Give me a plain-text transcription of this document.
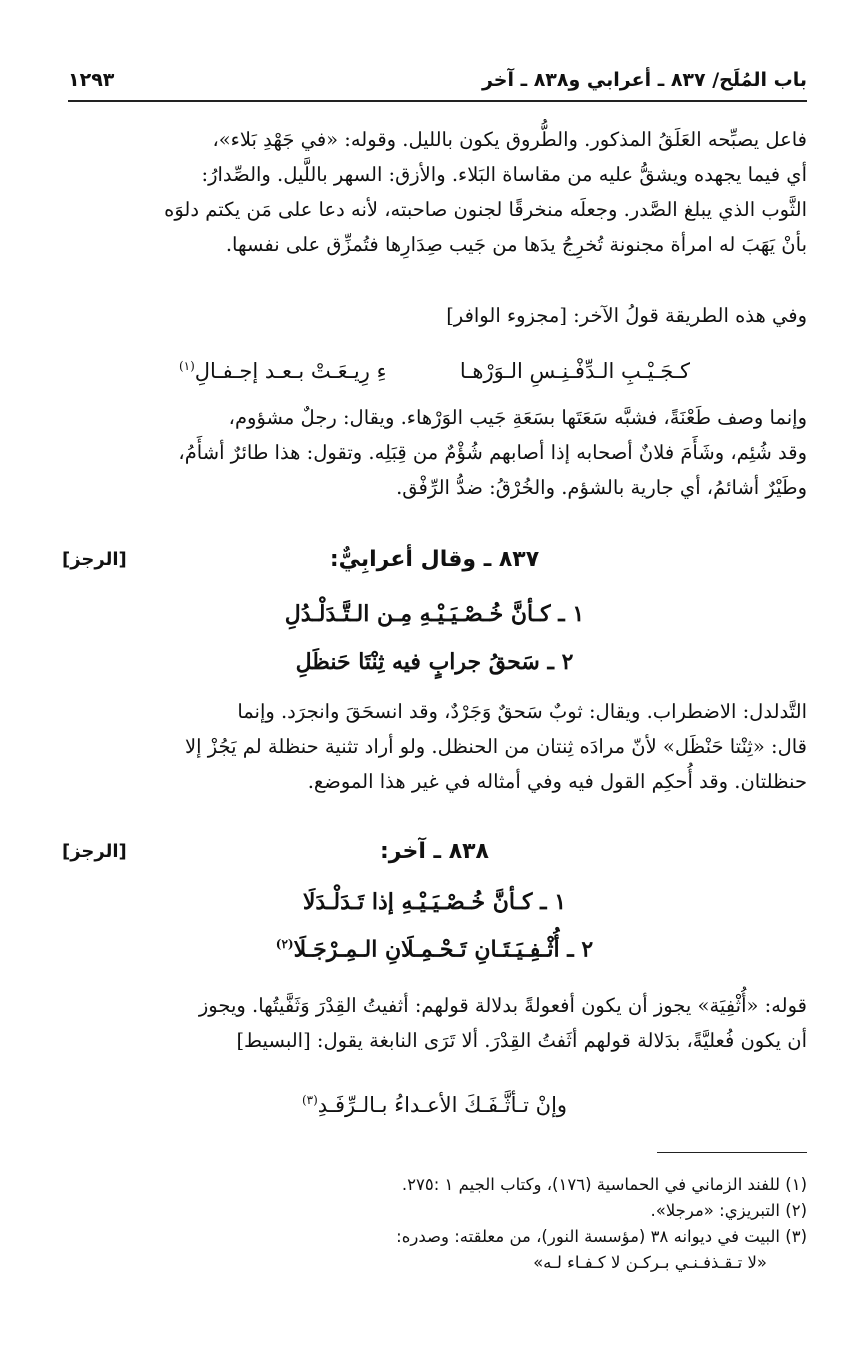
باب المُلَح/ ٨٣٧ ـ أعرابي و٨٣٨ ـ آخر
١٢٩٣
فاعل يصبِّحه العَلَقُ المذكور. والطُّروق يكون بالليل. وقوله: «في جَهْدِ بَلاء»،
أي فيما يجهده ويشقُّ عليه من مقاساة البَلاء. والأزق: السهر باللَّيل. والصِّدارُ:
الثَّوب الذي يبلغ الصَّدر. وجعلَه منخرقًا لجنون صاحبته، لأنه دعا على مَن يكتم دلوَه
بأنْ يَهَبَ له امرأة مجنونة تُخرِجُ يدَها من جَيب صِدَارِها فتُمزِّق على نفسها.
وفي هذه الطريقة قولُ الآخر: [مجزوء الوافر]
كـجَـيْـبِ الـدِّفْـنِـسِ الـوَرْهـا  ءِ رِيـعَـتْ بـعـد إجـفـالِ$^{(١)}$
وإنما وصف طَعْنَةً، فشبَّه سَعَتَها بسَعَةِ جَيب الوَرْهاء. ويقال: رجلٌ مشؤوم،
وقد شُئِم، وشَأَمَ فلانٌ أصحابه إذا أصابهم شُؤْمٌ من قِبَلِه. وتقول: هذا طائرٌ أشأَمُ،
وطَيْرٌ أشائمُ، أي جارية بالشؤم. والخُرْقُ: ضدُّ الرِّفْق.
٨٣٧ ـ وقال أعرابِيٌّ:
[الرجز]
١ ـ كـأنَّ خُـصْـيَـيْـهِ مِـن الـتَّـدَلْـدُلِ
٢ ـ سَحقُ جرابٍ فيه ثِنْتَا حَنظَلِ
التَّدلدل: الاضطراب. ويقال: ثوبٌ سَحقٌ وَجَرْدٌ، وقد انسحَقَ وانجرَد. وإنما
قال: «ثِنْتا حَنْظَل» لأنّ مرادَه ثِنتان من الحنظل. ولو أراد تثنية حنظلة لم يَجُزْ إلا
حنظلتان. وقد أُحكِم القول فيه وفي أمثاله في غير هذا الموضع.
٨٣٨ ـ آخر:
[الرجز]
١ ـ كـأنَّ خُـصْـيَـيْـهِ إذا تَـدَلْـدَلَا
٢ ـ أُثْـفِـيَـتَـانِ تَـحْـمِـلَانِ الـمِـرْجَـلَا$^{(٢)}$
قوله: «أُثْفِيَة» يجوز أن يكون أفعولةً بدلالة قولهم: أثفيتُ القِدْرَ وَثَفَّيتُها. ويجوز
أن يكون فُعليَّةً، بدَلالة قولهم أثَفتُ القِدْرَ. ألا تَرَى النابغة يقول: [البسيط]
وإنْ تـأثَّـفَـكَ الأعـداءُ بـالـرِّفَـدِ$^{(٣)}$
(١) للفند الزماني في الحماسية (١٧٦)، وكتاب الجيم ١ :٢٧٥.
(٢) التبريزي: «مرجلا».
(٣) البيت في ديوانه ٣٨ (مؤسسة النور)، من معلقته: وصدره:
«لا تـقـذفـنـي بـركـن لا كـفـاء لـه»
